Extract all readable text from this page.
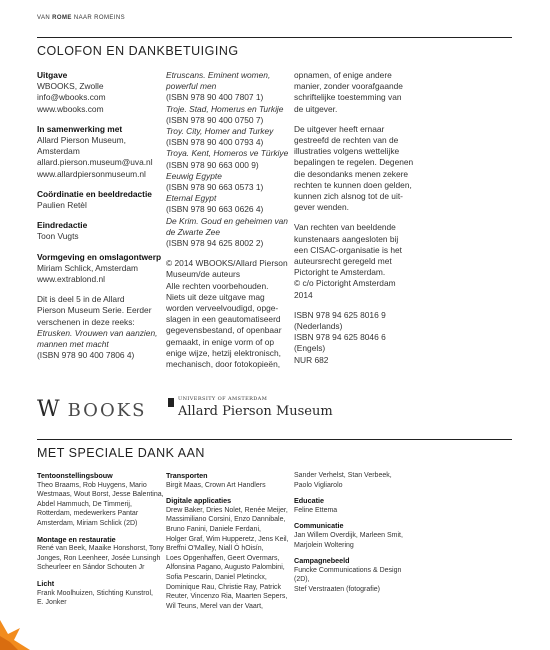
VAN ROME NAAR ROMEINS
COLOFON EN DANKBETUIGING

Uitgave

WBOOKS, Zwolle

info@wbooks.com

www.wbooks.com

In samenwerking met

Allard Pierson Museum,

Amsterdam

allard.pierson.museum@uva.nl

www.allardpiersonmuseum.nl

Coördinatie en beeldredactie

Paulien Retèl

Eindredactie

Toon Vugts

Vormgeving en omslagontwerp

Miriam Schlick, Amsterdam

www.extrablond.nl

Dit is deel 5 in de Allard

Pierson Museum Serie. Eerder

verschenen in deze reeks:

Etrusken. Vrouwen van aanzien,

mannen met macht

(ISBN 978 90 400 7806 4)

Etruscans. Eminent women, powerful men

(ISBN 978 90 400 7807 1)

Troje. Stad, Homerus en Turkije

(ISBN 978 90 400 0750 7)

Troy. City, Homer and Turkey

(ISBN 978 90 400 0793 4)

Troya. Kent, Homeros ve Türkiye

(ISBN 978 90 663 000 9)

Eeuwig Egypte

(ISBN 978 90 663 0573 1)

Eternal Egypt

(ISBN 978 90 663 0626 4)

De Krim. Goud en geheimen van de Zwarte Zee

(ISBN 978 94 625 8002 2)

© 2014 WBOOKS/Allard Pierson

Museum/de auteurs

Alle rechten voorbehouden.

Niets uit deze uitgave mag

worden verveelvoudigd, opge-

slagen in een geautomatiseerd

gegevensbestand, of openbaar

gemaakt, in enige vorm of op

enige wijze, hetzij elektronisch,

mechanisch, door fotokopieën,

opnamen, of enige andere

manier, zonder voorafgaande

schriftelijke toestemming van

de uitgever.

De uitgever heeft ernaar

gestreefd de rechten van de

illustraties volgens wettelijke

bepalingen te regelen. Degenen

die desondanks menen zekere

rechten te kunnen doen gelden,

kunnen zich alsnog tot de uit-

gever wenden.

Van rechten van beeldende

kunstenaars aangesloten bij

een CISAC-organisatie is het

auteursrecht geregeld met

Pictoright te Amsterdam.

© c/o Pictoright Amsterdam

2014

ISBN 978 94 625 8016 9

(Nederlands)

ISBN 978 94 625 8046 6

(Engels)

NUR 682

W BOOKS
UNIVERSITY OF AMSTERDAM
Allard Pierson Museum
MET SPECIALE DANK AAN

Tentoonstellingsbouw

Theo Braams, Rob Huygens, Mario

Westmaas, Wout Borst, Jesse Balentina,

Abdel Hammuch, De Timmerij,

Rotterdam, medewerkers Pantar

Amsterdam, Miriam Schlick (2D)

Montage en restauratie

René van Beek, Maaike Honshorst, Tony

Jonges, Ron Leenheer, Josée Lunsingh

Scheurleer en Sándor Schouten Jr

Licht

Frank Moolhuizen, Stichting Kunstrol,

E. Jonker

Transporten

Birgit Maas, Crown Art Handlers

Digitale applicaties

Drew Baker, Dries Nolet, Renée Meijer,

Massimiliano Corsini, Enzo Dannibale,

Bruno Fanini, Daniele Ferdani,

Holger Graf, Wim Hupperetz, Jens Keil,

Breffni O'Malley, Niall Ó hOisín,

Loes Opgenhaffen, Geert Overmars,

Alfonsina Pagano, Augusto Palombini,

Sofia Pescarin, Daniel Pletinckx,

Dominique Rau, Christie Ray, Patrick

Reuter, Vincenzo Ria, Maarten Sepers,

Wil Teuns, Merel van der Vaart,

Sander Verhelst, Stan Verbeek,

Paolo Vigliarolo

Educatie

Feline Ettema

Communicatie

Jan Willem Overdijk, Marleen Smit,

Marjolein Woltering

Campagnebeeld

Funcke Communications & Design (2D),

Stef Verstraaten (fotografie)
